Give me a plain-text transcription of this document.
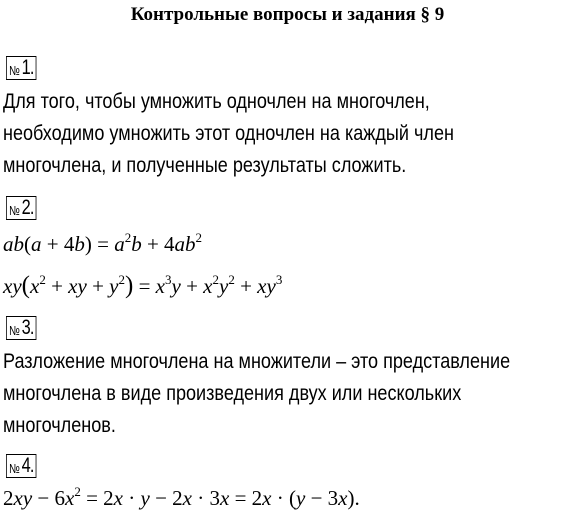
Контрольные вопросы и задания § 9
№ 1.
Для того, чтобы умножить одночлен на многочлен,
необходимо умножить этот одночлен на каждый член
многочлена, и полученные результаты сложить.
№ 2.
$ab(a + 4b) = a^2b + 4ab^2$
$xy(x^2$ + xy + $y^2) = x^3y + x^2y^2 + xy^3$
№ 3.
Разложение многочлена на множители – это представление
многочлена в виде произведения двух или нескольких
многочленов.
№ 4.
$2xy - 6x^2 = 2x \cdot y - 2x \cdot 3x = 2x \cdot (y - 3x)$.
